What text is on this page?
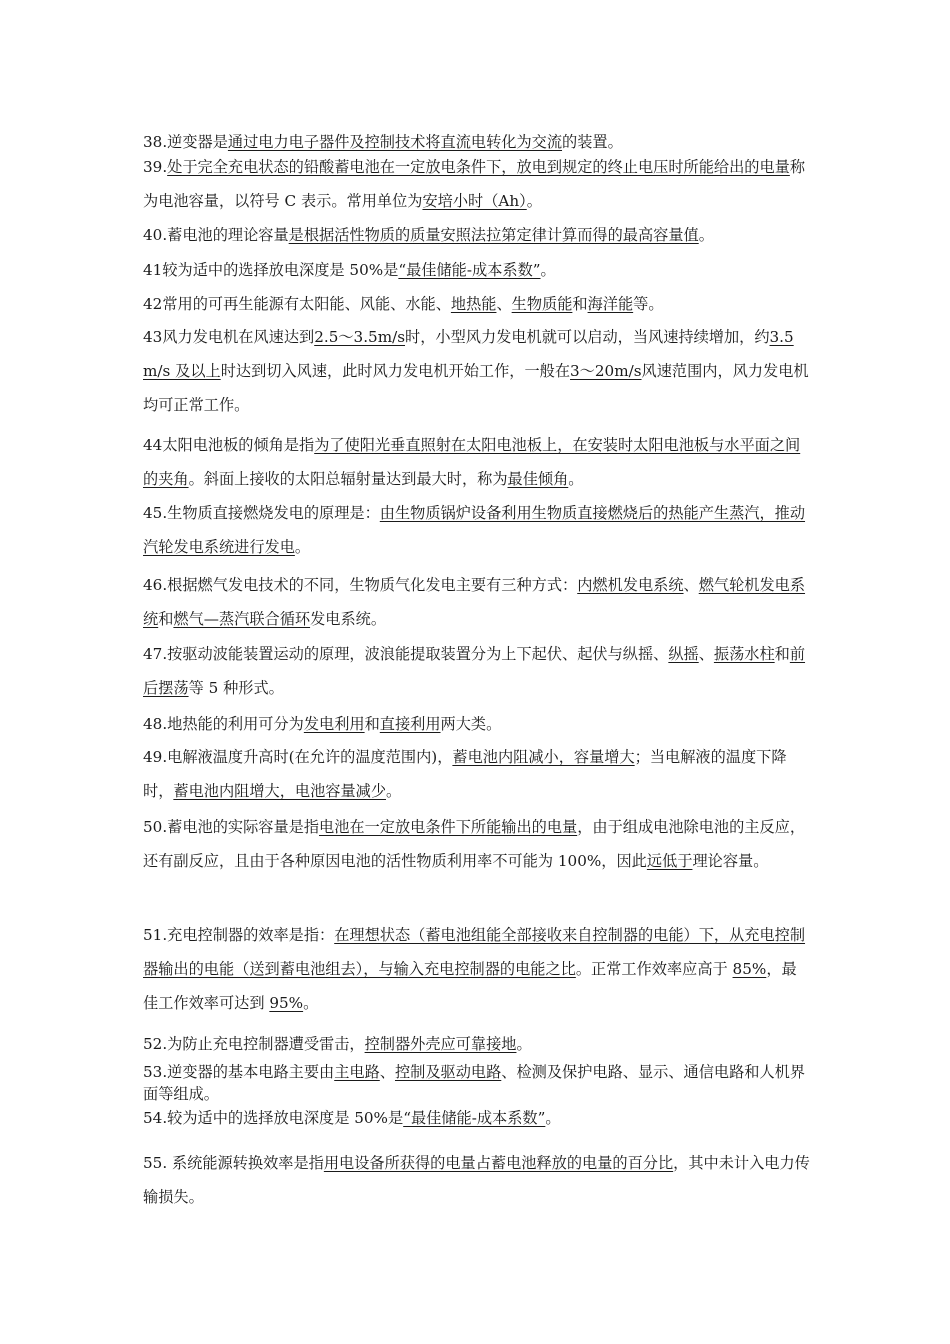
38.逆变器是通过电力电子器件及控制技术将直流电转化为交流的装置。
39.处于完全充电状态的铅酸蓄电池在一定放电条件下，放电到规定的终止电压时所能给出的电量称为电池容量，以符号 C 表示。常用单位为安培小时（Ah）。
40.蓄电池的理论容量是根据活性物质的质量安照法拉第定律计算而得的最高容量值。
41较为适中的选择放电深度是 50%是“最佳储能-成本系数”。
42常用的可再生能源有太阳能、风能、水能、地热能、生物质能和海洋能等。
43风力发电机在风速达到2.5～3.5m/s时，小型风力发电机就可以启动，当风速持续增加，约3.5m/s 及以上时达到切入风速，此时风力发电机开始工作，一般在3～20m/s风速范围内，风力发电机均可正常工作。
44太阳电池板的倾角是指为了使阳光垂直照射在太阳电池板上，在安装时太阳电池板与水平面之间的夹角。斜面上接收的太阳总辐射量达到最大时，称为最佳倾角。
45.生物质直接燃烧发电的原理是：由生物质锅炉设备利用生物质直接燃烧后的热能产生蒸汽，推动汽轮发电系统进行发电。
46.根据燃气发电技术的不同，生物质气化发电主要有三种方式：内燃机发电系统、燃气轮机发电系统和燃气—蒸汽联合循环发电系统。
47.按驱动波能装置运动的原理，波浪能提取装置分为上下起伏、起伏与纵摇、纵摇、振荡水柱和前后摆荡等 5 种形式。
48.地热能的利用可分为发电利用和直接利用两大类。
49.电解液温度升高时(在允许的温度范围内)，蓄电池内阻减小，容量增大；当电解液的温度下降时，蓄电池内阻增大，电池容量减少。
50.蓄电池的实际容量是指电池在一定放电条件下所能输出的电量，由于组成电池除电池的主反应，还有副反应，且由于各种原因电池的活性物质利用率不可能为 100%，因此远低于理论容量。
51.充电控制器的效率是指：在理想状态（蓄电池组能全部接收来自控制器的电能）下，从充电控制器输出的电能（送到蓄电池组去），与输入充电控制器的电能之比。正常工作效率应高于 85%，最佳工作效率可达到 95%。
52.为防止充电控制器遭受雷击，控制器外壳应可靠接地。
53.逆变器的基本电路主要由主电路、控制及驱动电路、检测及保护电路、显示、通信电路和人机界面等组成。
54.较为适中的选择放电深度是 50%是“最佳储能-成本系数”。
55. 系统能源转换效率是指用电设备所获得的电量占蓄电池释放的电量的百分比，其中未计入电力传输损失。
